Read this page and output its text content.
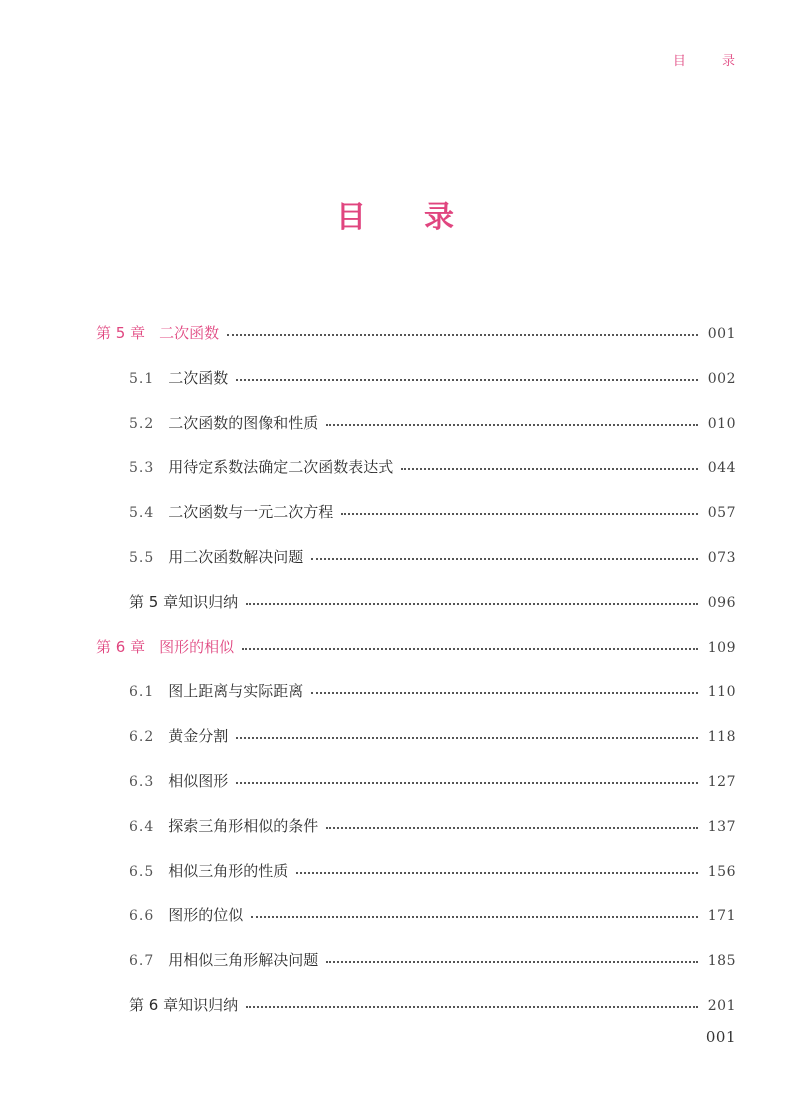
目 录
目录
第 5 章 二次函数	001
5.1 二次函数	002
5.2 二次函数的图像和性质	010
5.3 用待定系数法确定二次函数表达式	044
5.4 二次函数与一元二次方程	057
5.5 用二次函数解决问题	073
第 5 章知识归纳	096
第 6 章 图形的相似	109
6.1 图上距离与实际距离	110
6.2 黄金分割	118
6.3 相似图形	127
6.4 探索三角形相似的条件	137
6.5 相似三角形的性质	156
6.6 图形的位似	171
6.7 用相似三角形解决问题	185
第 6 章知识归纳	201
001
